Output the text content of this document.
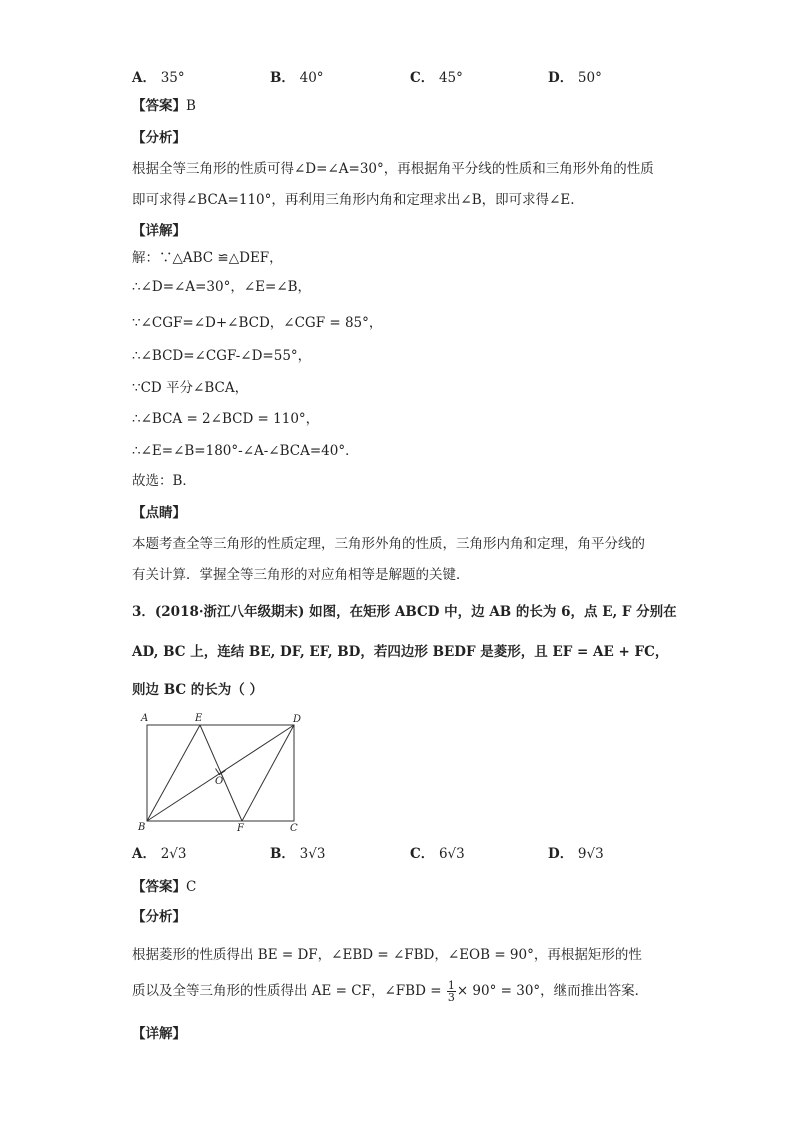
A． 35°	B． 40°	C． 45°	D． 50°
【答案】B
【分析】
根据全等三角形的性质可得∠D=∠A=30°，再根据角平分线的性质和三角形外角的性质
即可求得∠BCA=110°，再利用三角形内角和定理求出∠B，即可求得∠E.
【详解】
解：∵△ABC ≌△DEF，
∴∠D=∠A=30°，∠E=∠B，
∵∠CGF=∠D+∠BCD，∠CGF = 85°，
∴∠BCD=∠CGF-∠D=55°，
∵CD 平分∠BCA，
∴∠BCA = 2∠BCD = 110°，
∴∠E=∠B=180°-∠A-∠BCA=40°．
故选：B．
【点睛】
本题考查全等三角形的性质定理，三角形外角的性质，三角形内角和定理，角平分线的
有关计算．掌握全等三角形的对应角相等是解题的关键．
3．(2018·浙江八年级期末) 如图，在矩形 ABCD 中，边 AB 的长为 6，点 E, F 分别在
AD, BC 上，连结 BE, DF, EF, BD，若四边形 BEDF 是菱形，且 EF = AE + FC，
则边 BC 的长为（ ）
A	E	D
O
B	F	C
A． 2√3	B． 3√3	C． 6√3	D． 9√3
【答案】C
【分析】
根据菱形的性质得出 BE = DF，∠EBD = ∠FBD，∠EOB = 90°，再根据矩形的性
质以及全等三角形的性质得出 AE = CF，∠FBD = $\frac{1}{3} \times 90^\circ = 30^\circ$，继而推出答案．
【详解】
